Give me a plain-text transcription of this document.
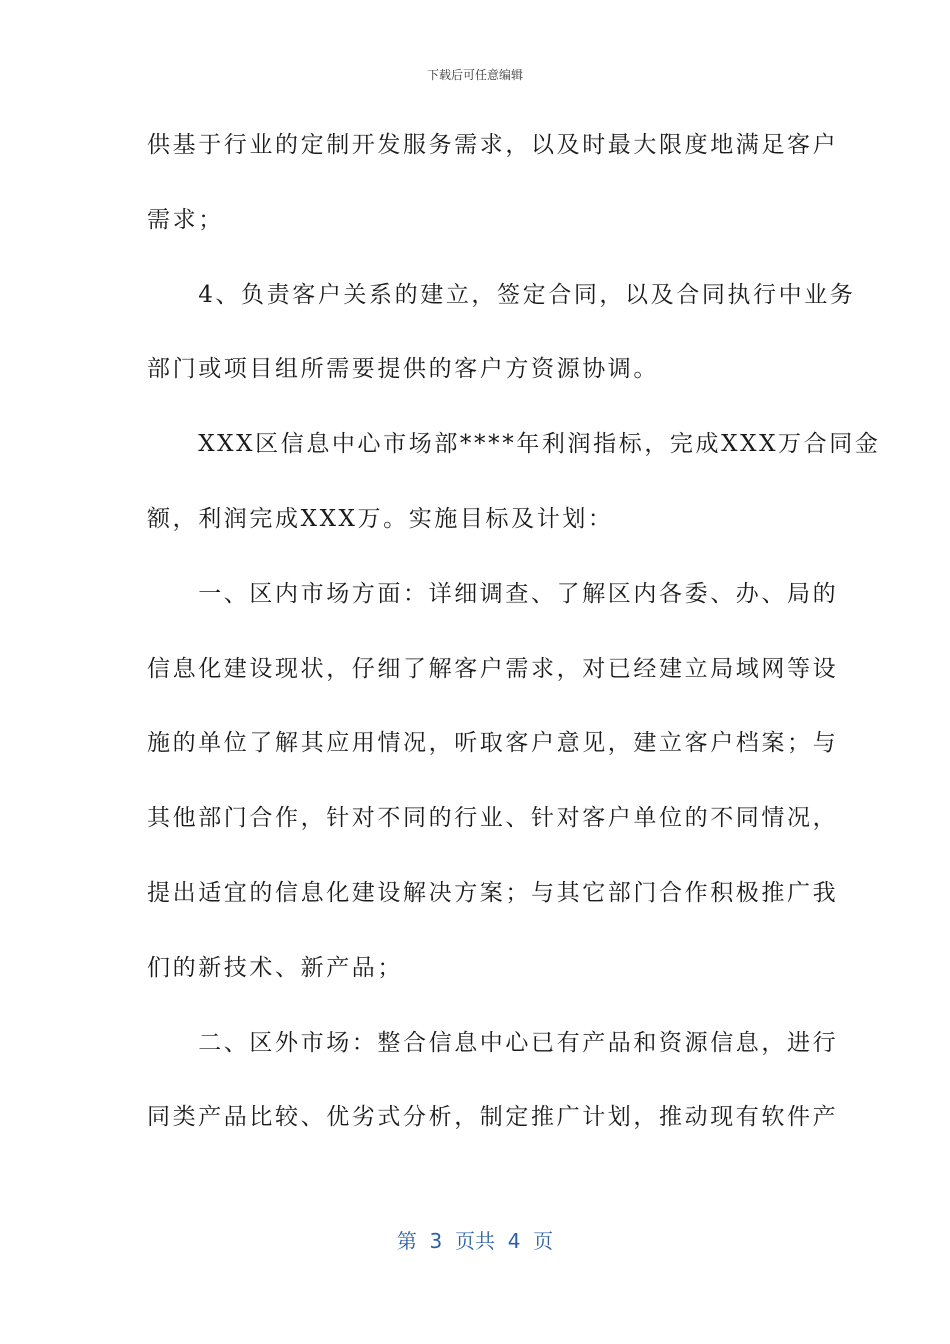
下载后可任意编辑
供基于行业的定制开发服务需求，以及时最大限度地满足客户
需求；
　　4、负责客户关系的建立，签定合同，以及合同执行中业务
部门或项目组所需要提供的客户方资源协调。
　　XXX区信息中心市场部****年利润指标，完成XXX万合同金
额，利润完成XXX万。实施目标及计划：
　　一、区内市场方面：详细调查、了解区内各委、办、局的
信息化建设现状，仔细了解客户需求，对已经建立局域网等设
施的单位了解其应用情况，听取客户意见，建立客户档案；与
其他部门合作，针对不同的行业、针对客户单位的不同情况，
提出适宜的信息化建设解决方案；与其它部门合作积极推广我
们的新技术、新产品；
　　二、区外市场：整合信息中心已有产品和资源信息，进行
同类产品比较、优劣式分析，制定推广计划，推动现有软件产
第  3  页共  4  页
